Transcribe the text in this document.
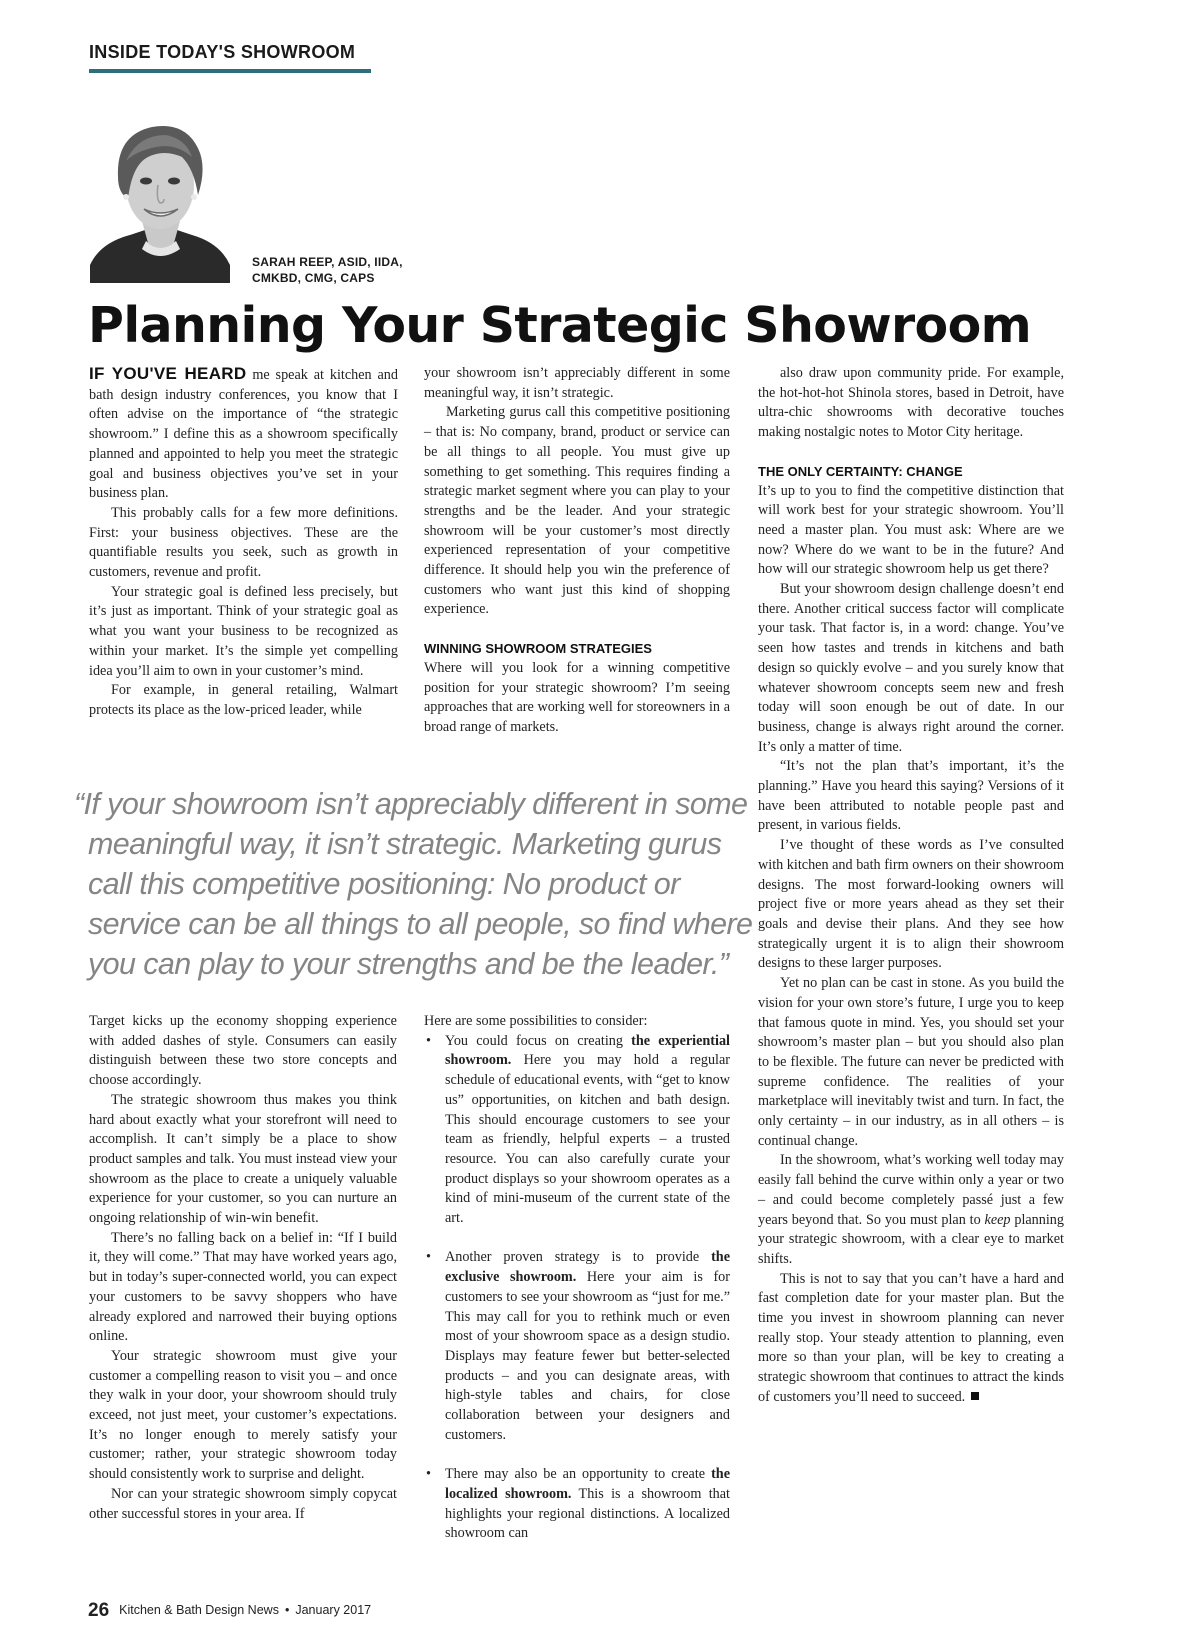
INSIDE TODAY'S SHOWROOM
SARAH REEP, ASID, IIDA,
CMKBD, CMG, CAPS
Planning Your Strategic Showroom

IF YOU'VE HEARD me speak at kitchen and bath design industry conferences, you know that I often advise on the importance of “the strategic showroom.” I define this as a showroom specifically planned and appointed to help you meet the strategic goal and business objectives you’ve set in your business plan.

This probably calls for a few more definitions. First: your business objectives. These are the quantifiable results you seek, such as growth in customers, revenue and profit.

Your strategic goal is defined less precisely, but it’s just as important. Think of your strategic goal as what you want your business to be recognized as within your market. It’s the simple yet compelling idea you’ll aim to own in your customer’s mind.

For example, in general retailing, Walmart protects its place as the low-priced leader, while

your showroom isn’t appreciably different in some meaningful way, it isn’t strategic.

Marketing gurus call this competitive positioning – that is: No company, brand, product or service can be all things to all people. You must give up something to get something. This requires finding a strategic market segment where you can play to your strengths and be the leader. And your strategic showroom will be your customer’s most directly experienced representation of your competitive difference. It should help you win the preference of customers who want just this kind of shopping experience.

WINNING SHOWROOM STRATEGIES

Where will you look for a winning competitive position for your strategic showroom? I’m seeing approaches that are working well for storeowners in a broad range of markets.

“If your showroom isn’t appreciably different in some
meaningful way, it isn’t strategic. Marketing gurus
call this competitive positioning: No product or
service can be all things to all people, so find where
you can play to your strengths and be the leader.”

Target kicks up the economy shopping experience with added dashes of style. Consumers can easily distinguish between these two store concepts and choose accordingly.

The strategic showroom thus makes you think hard about exactly what your storefront will need to accomplish. It can’t simply be a place to show product samples and talk. You must instead view your showroom as the place to create a uniquely valuable experience for your customer, so you can nurture an ongoing relationship of win-win benefit.

There’s no falling back on a belief in: “If I build it, they will come.” That may have worked years ago, but in today’s super-connected world, you can expect your customers to be savvy shoppers who have already explored and narrowed their buying options online.

Your strategic showroom must give your customer a compelling reason to visit you – and once they walk in your door, your showroom should truly exceed, not just meet, your customer’s expectations. It’s no longer enough to merely satisfy your customer; rather, your strategic showroom today should consistently work to surprise and delight.

Nor can your strategic showroom simply copycat other successful stores in your area. If

Here are some possibilities to consider:

• You could focus on creating the experiential showroom. Here you may hold a regular schedule of educational events, with “get to know us” opportunities, on kitchen and bath design. This should encourage customers to see your team as friendly, helpful experts – a trusted resource. You can also carefully curate your product displays so your showroom operates as a kind of mini-museum of the current state of the art.
• Another proven strategy is to provide the exclusive showroom. Here your aim is for customers to see your showroom as “just for me.” This may call for you to rethink much or even most of your showroom space as a design studio. Displays may feature fewer but better-selected products – and you can designate areas, with high-style tables and chairs, for close collaboration between your designers and customers.
• There may also be an opportunity to create the localized showroom. This is a showroom that highlights your regional distinctions. A localized showroom can

also draw upon community pride. For example, the hot-hot-hot Shinola stores, based in Detroit, have ultra-chic showrooms with decorative touches making nostalgic notes to Motor City heritage.

THE ONLY CERTAINTY: CHANGE

It’s up to you to find the competitive distinction that will work best for your strategic showroom. You’ll need a master plan. You must ask: Where are we now? Where do we want to be in the future? And how will our strategic showroom help us get there?

But your showroom design challenge doesn’t end there. Another critical success factor will complicate your task. That factor is, in a word: change. You’ve seen how tastes and trends in kitchens and bath design so quickly evolve – and you surely know that whatever showroom concepts seem new and fresh today will soon enough be out of date. In our business, change is always right around the corner. It’s only a matter of time.

“It’s not the plan that’s important, it’s the planning.” Have you heard this saying? Versions of it have been attributed to notable people past and present, in various fields.

I’ve thought of these words as I’ve consulted with kitchen and bath firm owners on their showroom designs. The most forward-looking owners will project five or more years ahead as they set their goals and devise their plans. And they see how strategically urgent it is to align their showroom designs to these larger purposes.

Yet no plan can be cast in stone. As you build the vision for your own store’s future, I urge you to keep that famous quote in mind. Yes, you should set your showroom’s master plan – but you should also plan to be flexible. The future can never be predicted with supreme confidence. The realities of your marketplace will inevitably twist and turn. In fact, the only certainty – in our industry, as in all others – is continual change.

In the showroom, what’s working well today may easily fall behind the curve within only a year or two – and could become completely passé just a few years beyond that. So you must plan to keep planning your strategic showroom, with a clear eye to market shifts.

This is not to say that you can’t have a hard and fast completion date for your master plan. But the time you invest in showroom planning can never really stop. Your steady attention to planning, even more so than your plan, will be key to creating a strategic showroom that continues to attract the kinds of customers you’ll need to succeed.

26 Kitchen & Bath Design News • January 2017
